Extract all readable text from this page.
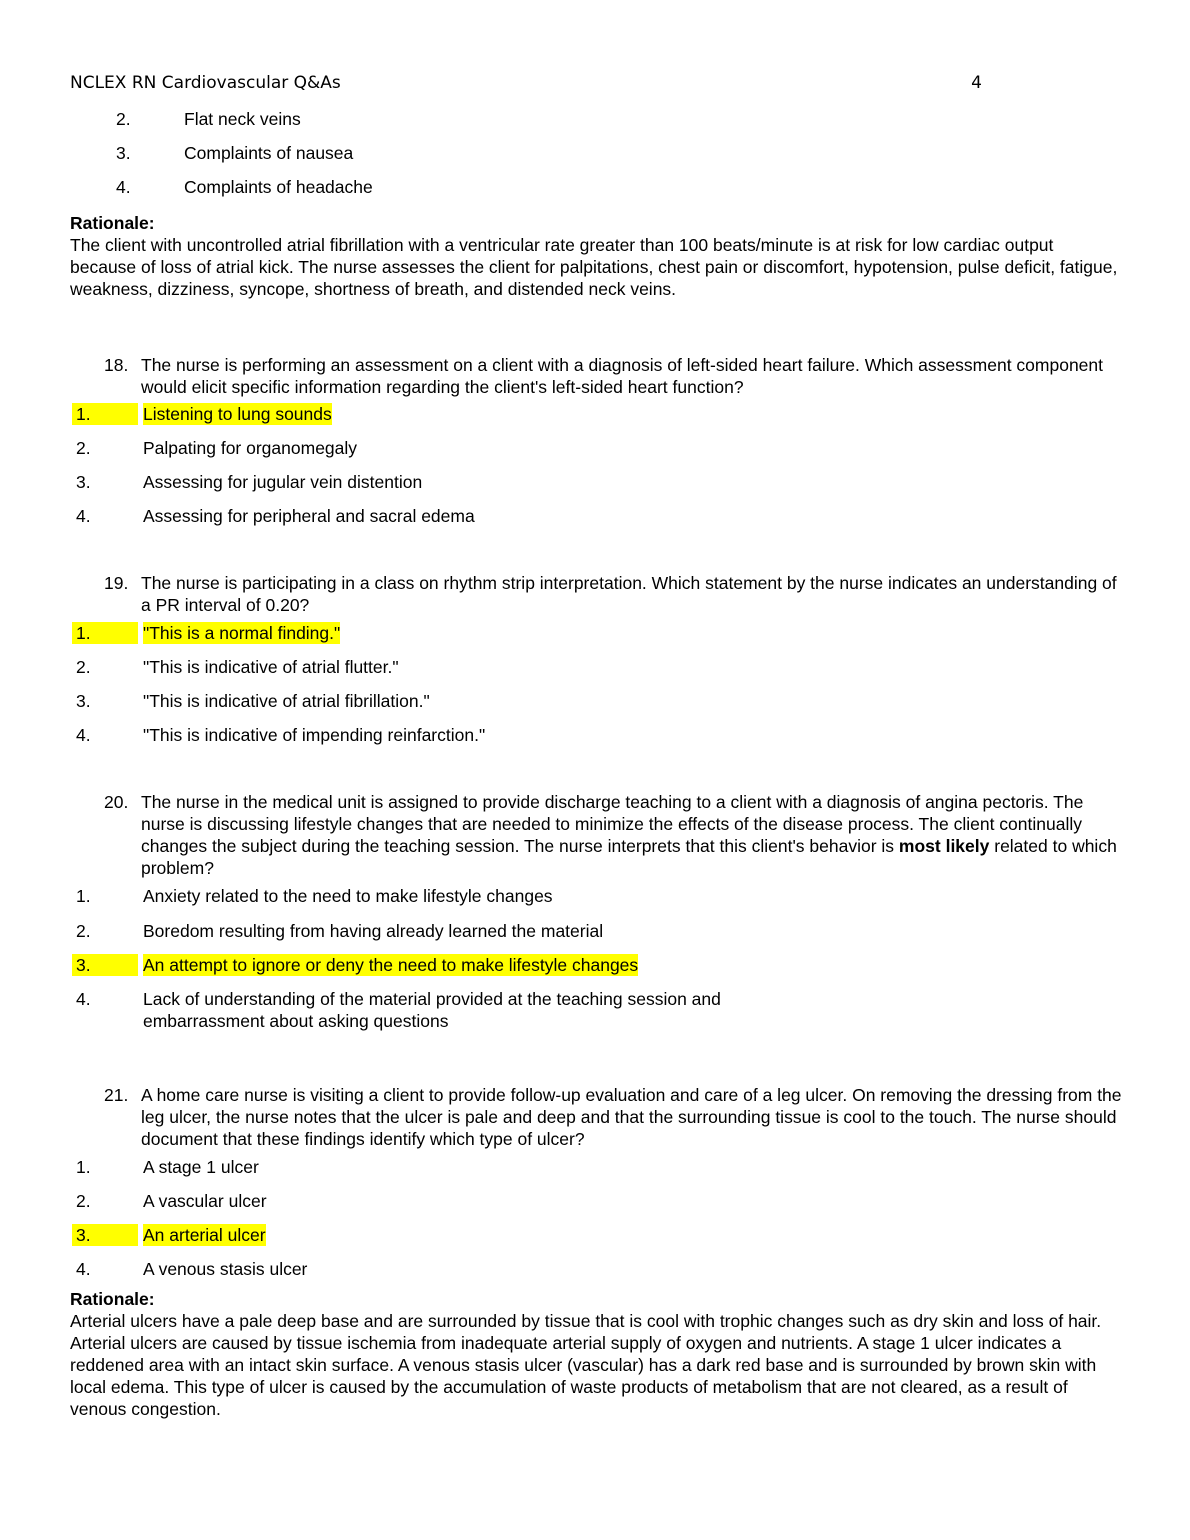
NCLEX RN Cardiovascular Q&As	4
2.	Flat neck veins
3.	Complaints of nausea
4.	Complaints of headache
Rationale:
The client with uncontrolled atrial fibrillation with a ventricular rate greater than 100 beats/minute is at risk for low cardiac output because of loss of atrial kick. The nurse assesses the client for palpitations, chest pain or discomfort, hypotension, pulse deficit, fatigue, weakness, dizziness, syncope, shortness of breath, and distended neck veins.
18. The nurse is performing an assessment on a client with a diagnosis of left-sided heart failure. Which assessment component would elicit specific information regarding the client's left-sided heart function?
1.	Listening to lung sounds
2.	Palpating for organomegaly
3.	Assessing for jugular vein distention
4.	Assessing for peripheral and sacral edema
19. The nurse is participating in a class on rhythm strip interpretation. Which statement by the nurse indicates an understanding of a PR interval of 0.20?
1.	"This is a normal finding."
2.	"This is indicative of atrial flutter."
3.	"This is indicative of atrial fibrillation."
4.	"This is indicative of impending reinfarction."
20. The nurse in the medical unit is assigned to provide discharge teaching to a client with a diagnosis of angina pectoris. The nurse is discussing lifestyle changes that are needed to minimize the effects of the disease process. The client continually changes the subject during the teaching session. The nurse interprets that this client's behavior is most likely related to which problem?
1.	Anxiety related to the need to make lifestyle changes
2.	Boredom resulting from having already learned the material
3.	An attempt to ignore or deny the need to make lifestyle changes
4.	Lack of understanding of the material provided at the teaching session and
embarrassment about asking questions
21. A home care nurse is visiting a client to provide follow-up evaluation and care of a leg ulcer. On removing the dressing from the leg ulcer, the nurse notes that the ulcer is pale and deep and that the surrounding tissue is cool to the touch. The nurse should document that these findings identify which type of ulcer?
1.	A stage 1 ulcer
2.	A vascular ulcer
3.	An arterial ulcer
4.	A venous stasis ulcer
Rationale:
Arterial ulcers have a pale deep base and are surrounded by tissue that is cool with trophic changes such as dry skin and loss of hair. Arterial ulcers are caused by tissue ischemia from inadequate arterial supply of oxygen and nutrients. A stage 1 ulcer indicates a reddened area with an intact skin surface. A venous stasis ulcer (vascular) has a dark red base and is surrounded by brown skin with local edema. This type of ulcer is caused by the accumulation of waste products of metabolism that are not cleared, as a result of venous congestion.
